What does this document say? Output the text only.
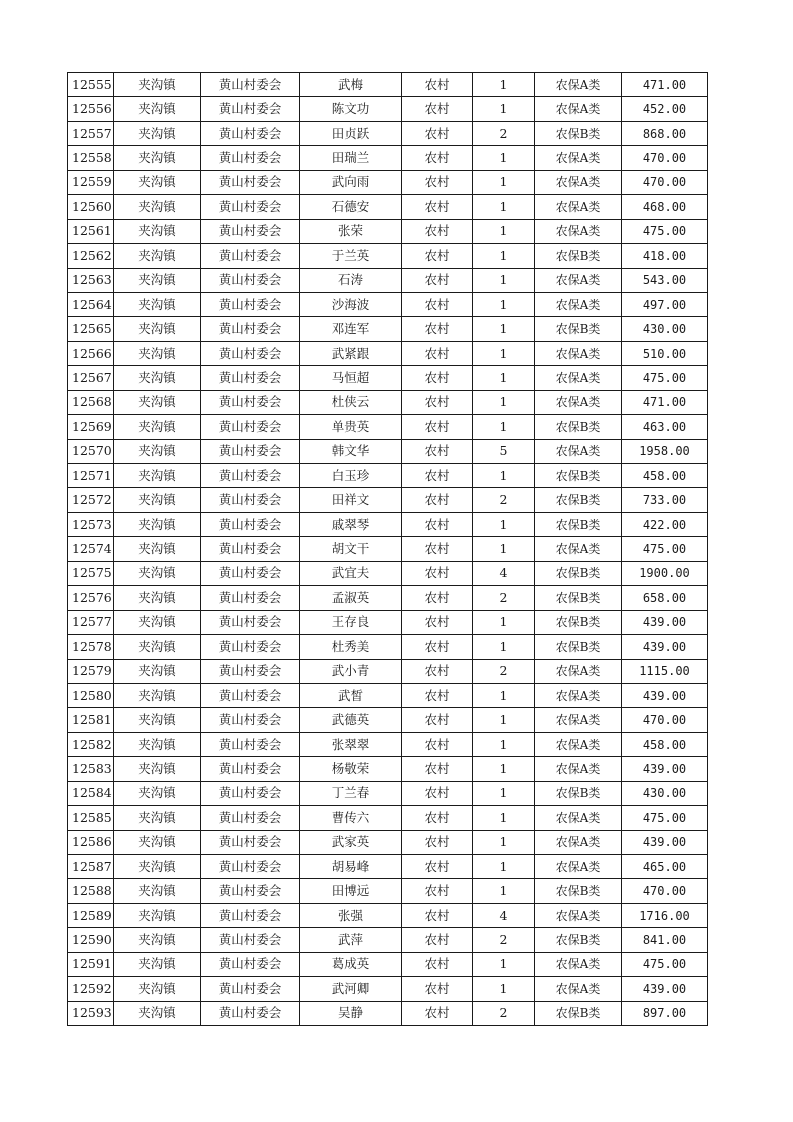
12555	夹沟镇	黄山村委会	武梅	农村	1	农保A类	471.00
12556	夹沟镇	黄山村委会	陈文功	农村	1	农保A类	452.00
12557	夹沟镇	黄山村委会	田贞跃	农村	2	农保B类	868.00
12558	夹沟镇	黄山村委会	田瑞兰	农村	1	农保A类	470.00
12559	夹沟镇	黄山村委会	武向雨	农村	1	农保A类	470.00
12560	夹沟镇	黄山村委会	石德安	农村	1	农保A类	468.00
12561	夹沟镇	黄山村委会	张荣	农村	1	农保A类	475.00
12562	夹沟镇	黄山村委会	于兰英	农村	1	农保B类	418.00
12563	夹沟镇	黄山村委会	石涛	农村	1	农保A类	543.00
12564	夹沟镇	黄山村委会	沙海波	农村	1	农保A类	497.00
12565	夹沟镇	黄山村委会	邓连军	农村	1	农保B类	430.00
12566	夹沟镇	黄山村委会	武紧跟	农村	1	农保A类	510.00
12567	夹沟镇	黄山村委会	马恒超	农村	1	农保A类	475.00
12568	夹沟镇	黄山村委会	杜侠云	农村	1	农保A类	471.00
12569	夹沟镇	黄山村委会	单贵英	农村	1	农保B类	463.00
12570	夹沟镇	黄山村委会	韩文华	农村	5	农保A类	1958.00
12571	夹沟镇	黄山村委会	白玉珍	农村	1	农保B类	458.00
12572	夹沟镇	黄山村委会	田祥文	农村	2	农保B类	733.00
12573	夹沟镇	黄山村委会	戚翠琴	农村	1	农保B类	422.00
12574	夹沟镇	黄山村委会	胡文干	农村	1	农保A类	475.00
12575	夹沟镇	黄山村委会	武宜夫	农村	4	农保B类	1900.00
12576	夹沟镇	黄山村委会	孟淑英	农村	2	农保B类	658.00
12577	夹沟镇	黄山村委会	王存良	农村	1	农保B类	439.00
12578	夹沟镇	黄山村委会	杜秀美	农村	1	农保B类	439.00
12579	夹沟镇	黄山村委会	武小青	农村	2	农保A类	1115.00
12580	夹沟镇	黄山村委会	武皙	农村	1	农保A类	439.00
12581	夹沟镇	黄山村委会	武德英	农村	1	农保A类	470.00
12582	夹沟镇	黄山村委会	张翠翠	农村	1	农保A类	458.00
12583	夹沟镇	黄山村委会	杨敬荣	农村	1	农保A类	439.00
12584	夹沟镇	黄山村委会	丁兰春	农村	1	农保B类	430.00
12585	夹沟镇	黄山村委会	曹传六	农村	1	农保A类	475.00
12586	夹沟镇	黄山村委会	武家英	农村	1	农保A类	439.00
12587	夹沟镇	黄山村委会	胡易峰	农村	1	农保A类	465.00
12588	夹沟镇	黄山村委会	田博远	农村	1	农保B类	470.00
12589	夹沟镇	黄山村委会	张强	农村	4	农保A类	1716.00
12590	夹沟镇	黄山村委会	武萍	农村	2	农保B类	841.00
12591	夹沟镇	黄山村委会	葛成英	农村	1	农保A类	475.00
12592	夹沟镇	黄山村委会	武河卿	农村	1	农保A类	439.00
12593	夹沟镇	黄山村委会	吴静	农村	2	农保B类	897.00
